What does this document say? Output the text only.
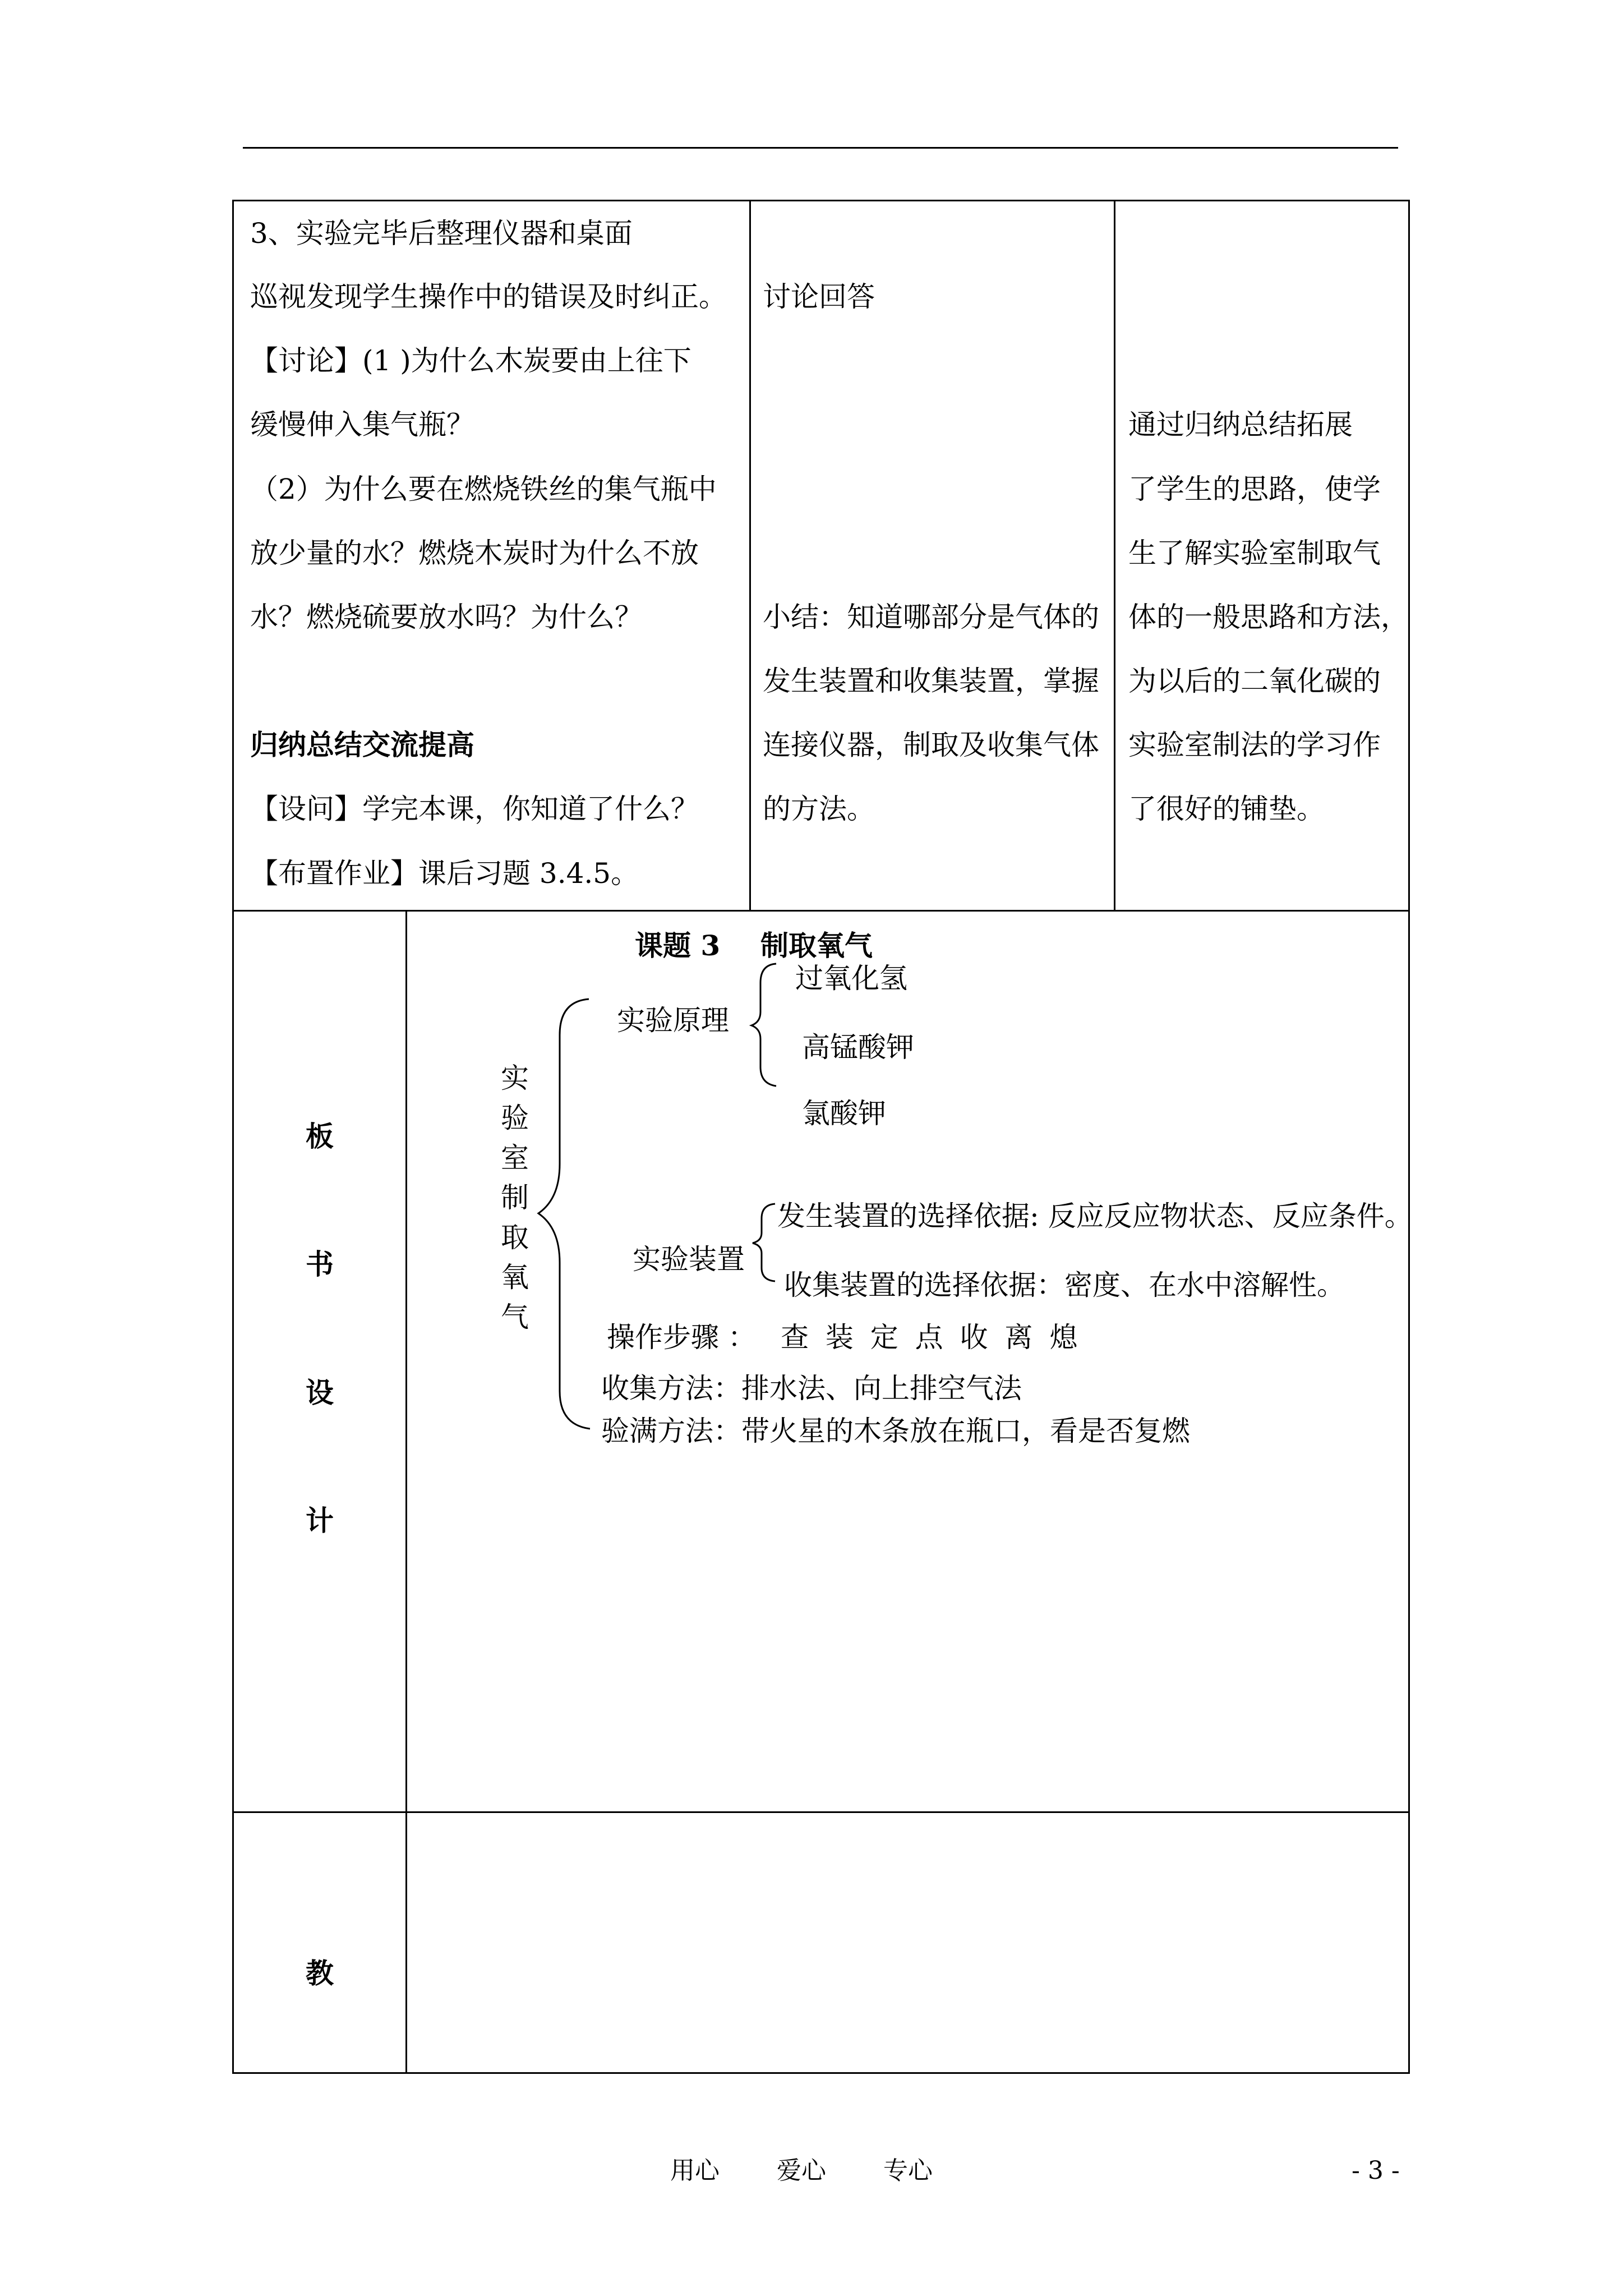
3、实验完毕后整理仪器和桌面
巡视发现学生操作中的错误及时纠正。
【讨论】(1 )为什么木炭要由上往下
缓慢伸入集气瓶？
（2）为什么要在燃烧铁丝的集气瓶中
放少量的水？燃烧木炭时为什么不放
水？燃烧硫要放水吗？为什么？
归纳总结交流提高
【设问】学完本课，你知道了什么？
【布置作业】课后习题 3.4.5。
讨论回答
小结：知道哪部分是气体的
发生装置和收集装置，掌握
连接仪器，制取及收集气体
的方法。
通过归纳总结拓展
了学生的思路，使学
生了解实验室制取气
体的一般思路和方法，
为以后的二氧化碳的
实验室制法的学习作
了很好的铺垫。
板
书
设
计
课题 3 制取氧气
实
验
室
制
取
氧
气
实验原理
过氧化氢
高锰酸钾
氯酸钾
实验装置
发生装置的选择依据: 反应反应物状态、反应条件。
收集装置的选择依据：密度、在水中溶解性。
操作步骤 ： 查 装 定 点 收 离 熄
收集方法：排水法、向上排空气法
验满方法：带火星的木条放在瓶口，看是否复燃
教
用心 　　爱心 　　专心	- 3 -
